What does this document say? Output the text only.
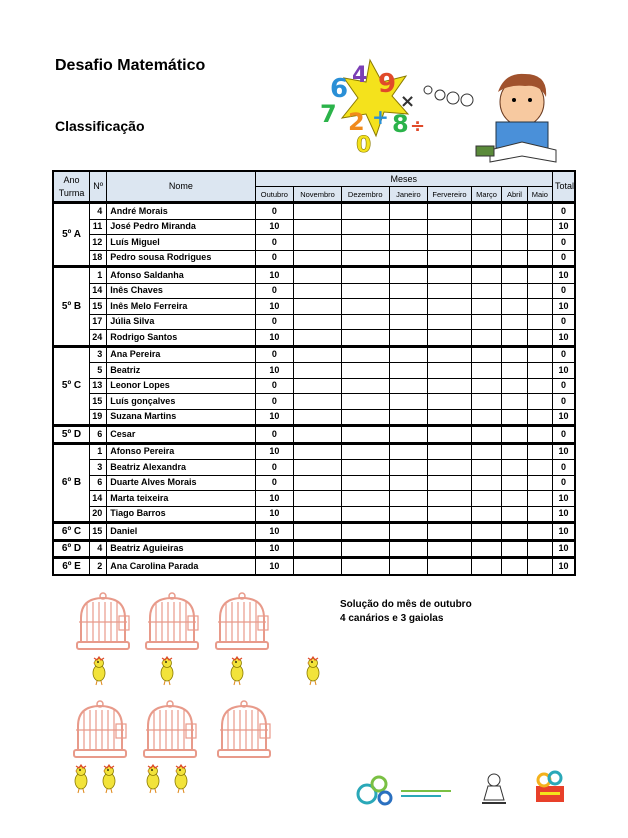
Desafio Matemático
Classificação
6 4 9
7 2 +
×
8
0
÷
Ano
Turma	Nº	Nome	Meses								Total
			Outubro	Novembro	Dezembro	Janeiro	Fervereiro	Março	Abril	Maio	
5º A	4	André Morais	0								0
	11	José Pedro Miranda	10								10
	12	Luís Miguel	0								0
	18	Pedro sousa Rodrigues	0								0
5º B	1	Afonso Saldanha	10								10
	14	Inês Chaves	0								0
	15	Inês Melo Ferreira	10								10
	17	Júlia Silva	0								0
	24	Rodrigo Santos	10								10
5º C	3	Ana Pereira	0								0
	5	Beatriz	10								10
	13	Leonor Lopes	0								0
	15	Luís gonçalves	0								0
	19	Suzana Martins	10								10
5º D	6	Cesar	0								0
6º B	1	Afonso Pereira	10								10
	3	Beatriz Alexandra	0								0
	6	Duarte Alves Morais	0								0
	14	Marta teixeira	10								10
	20	Tiago Barros	10								10
6º C	15	Daniel	10								10
6º D	4	Beatriz Aguieiras	10								10
6º E	2	Ana Carolina Parada	10								10
Solução do mês de outubro
4 canários e 3 gaiolas
